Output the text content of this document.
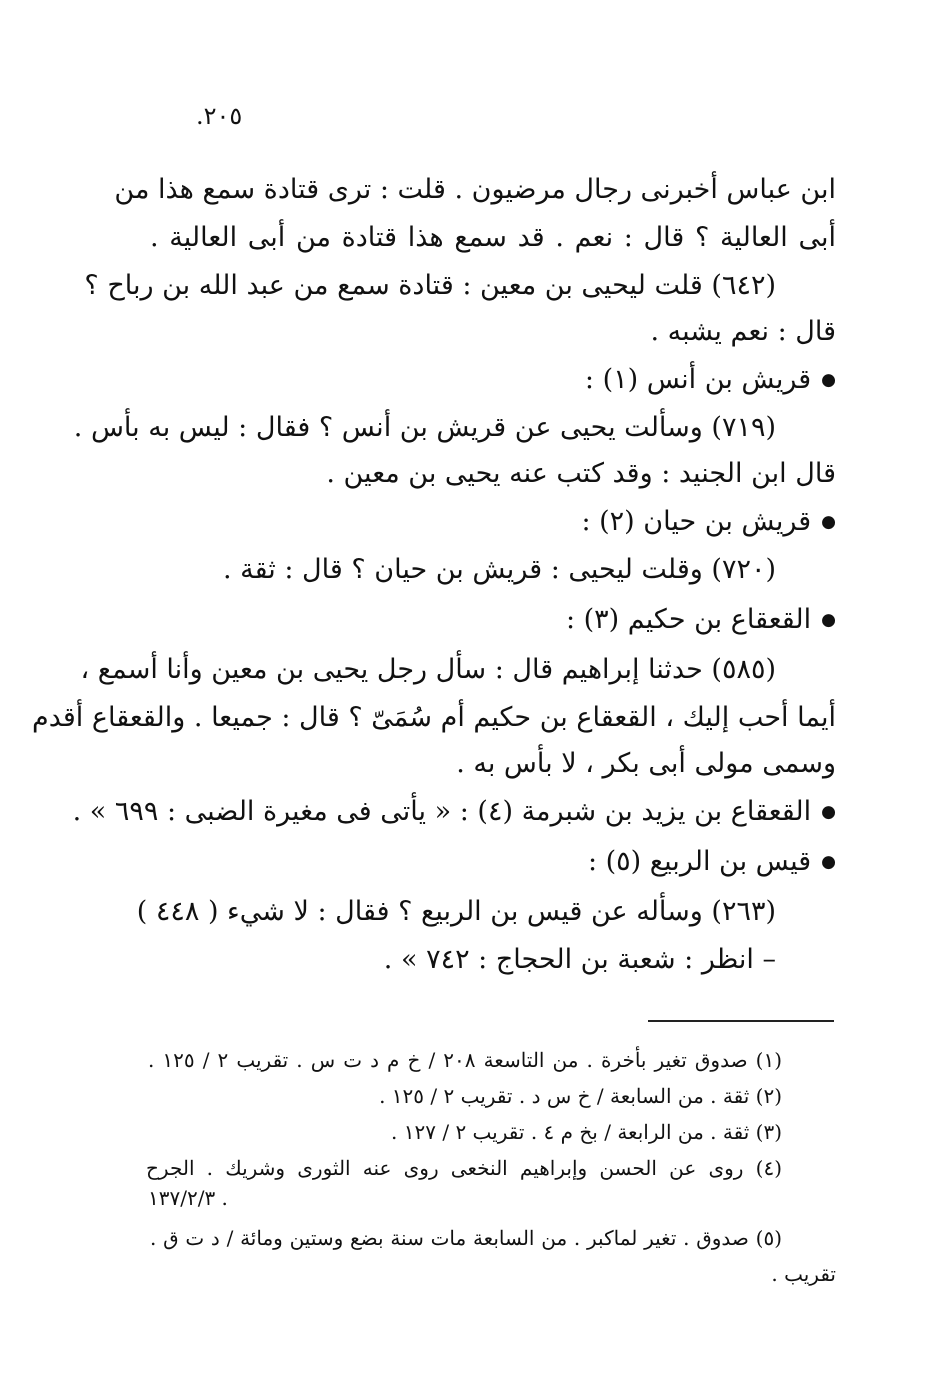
٢٠٥.
ابن عباس أخبرنى رجال مرضيون . قلت : ترى قتادة سمع هذا من
أبى العالية ؟ قال : نعم . قد سمع هذا قتادة من أبى العالية .
(٦٤٢) قلت ليحيى بن معين : قتادة سمع من عبد الله بن رباح ؟
قال : نعم يشبه .
● قريش بن أنس (١) :
(٧١٩) وسألت يحيى عن قريش بن أنس ؟ فقال : ليس به بأس .
قال ابن الجنيد : وقد كتب عنه يحيى بن معين .
● قريش بن حيان (٢) :
(٧٢٠) وقلت ليحيى : قريش بن حيان ؟ قال : ثقة .
● القعقاع بن حكيم (٣) :
(٥٨٥) حدثنا إبراهيم قال : سأل رجل يحيى بن معين وأنا أسمع ،
أيما أحب إليك ، القعقاع بن حكيم أم سُمَىّ ؟ قال : جميعا . والقعقاع أقدم
وسمى مولى أبى بكر ، لا بأس به .
● القعقاع بن يزيد بن شبرمة (٤) : « يأتى فى مغيرة الضبى : ٦٩٩ » .
● قيس بن الربيع (٥) :
(٢٦٣) وسأله عن قيس بن الربيع ؟ فقال : لا شيء ( ٤٤٨ )
– انظر : شعبة بن الحجاج : ٧٤٢ » .
(١) صدوق تغير بأخرة . من التاسعة ٢٠٨ / خ م د ت س . تقريب ٢ / ١٢٥ .
(٢) ثقة . من السابعة / خ س د . تقريب ٢ / ١٢٥ .
(٣) ثقة . من الرابعة / بخ م ٤ . تقريب ٢ / ١٢٧ .
(٤) روى عن الحسن وإبراهيم النخعى روى عنه الثورى وشريك . الجرح
. ١٣٧/٢/٣
(٥) صدوق . تغير لماكبر . من السابعة مات سنة بضع وستين ومائة / د ت ق .
تقريب .
